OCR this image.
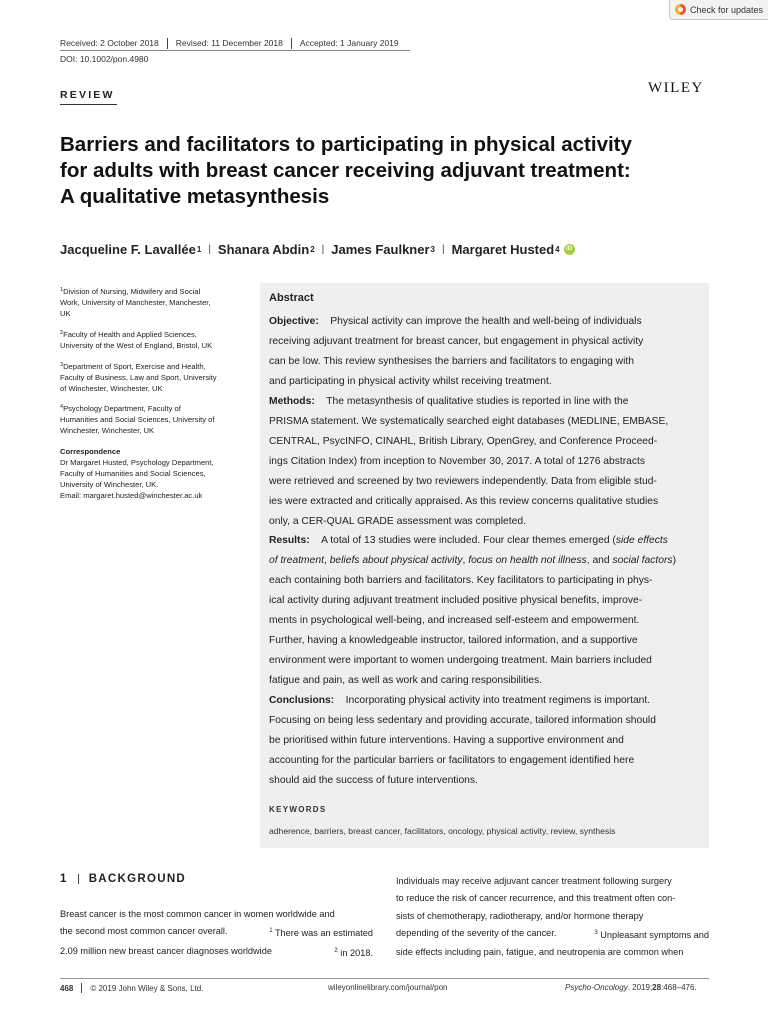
Check for updates
Received: 2 October 2018	Revised: 11 December 2018	Accepted: 1 January 2019
DOI: 10.1002/pon.4980
REVIEW	WILEY
Barriers and facilitators to participating in physical activity
for adults with breast cancer receiving adjuvant treatment:
A qualitative metasynthesis
Jacqueline F. Lavallée 1 | Shanara Abdin 2 | James Faulkner 3 | Margaret Husted 4	iD
$^1$Division of Nursing, Midwifery and Social
Work, University of Manchester, Manchester,
UK
$^2$Faculty of Health and Applied Sciences,
University of the West of England, Bristol, UK
$^3$Department of Sport, Exercise and Health,
Faculty of Business, Law and Sport, University
of Winchester, Winchester, UK
$^4$Psychology Department, Faculty of
Humanities and Social Sciences, University of
Winchester, Winchester, UK
Correspondence
Dr Margaret Husted, Psychology Department,
Faculty of Humanities and Social Sciences,
University of Winchester, UK.
Email: margaret.husted@winchester.ac.uk
Abstract
Objective:
Physical activity can improve the health and well-being of individuals
receiving adjuvant treatment for breast cancer, but engagement in physical activity
can be low. This review synthesises the barriers and facilitators to engaging with
and participating in physical activity whilst receiving treatment.
Methods:
The metasynthesis of qualitative studies is reported in line with the
PRISMA statement. We systematically searched eight databases (MEDLINE, EMBASE,
CENTRAL, PsycINFO, CINAHL, British Library, OpenGrey, and Conference Proceed-
ings Citation Index) from inception to November 30, 2017. A total of 1276 abstracts
were retrieved and screened by two reviewers independently. Data from eligible stud-
ies were extracted and critically appraised. As this review concerns qualitative studies
only, a CER-QUAL GRADE assessment was completed.
Results:
A total of 13 studies were included. Four clear themes emerged ( side effects
of treatment , beliefs about physical activity , focus on health not illness , and social factors )
each containing both barriers and facilitators. Key facilitators to participating in phys-
ical activity during adjuvant treatment included positive physical benefits, improve-
ments in psychological well-being, and increased self-esteem and empowerment.
Further, having a knowledgeable instructor, tailored information, and a supportive
environment were important to women undergoing treatment. Main barriers included
fatigue and pain, as well as work and caring responsibilities.
Conclusions:
Incorporating physical activity into treatment regimens is important.
Focusing on being less sedentary and providing accurate, tailored information should
be prioritised within future interventions. Having a supportive environment and
accounting for the particular barriers or facilitators to engagement identified here
should aid the success of future interventions.
KEYWORDS
adherence, barriers, breast cancer, facilitators, oncology, physical activity, review, synthesis
1 BACKGROUND
Breast cancer is the most common cancer in women worldwide and
the second most common cancer overall.	$^1$ There was an estimated
2.09 million new breast cancer diagnoses worldwide	$^2$ in 2018.
Individuals may receive adjuvant cancer treatment following surgery
to reduce the risk of cancer recurrence, and this treatment often con-
sists of chemotherapy, radiotherapy, and/or hormone therapy
depending of the severity of the cancer.	$^3$ Unpleasant symptoms and
side effects including pain, fatigue, and neutropenia are common when
468 © 2019 John Wiley & Sons, Ltd.	wileyonlinelibrary.com/journal/pon	Psycho-Oncology. 2019;28:468–476.
